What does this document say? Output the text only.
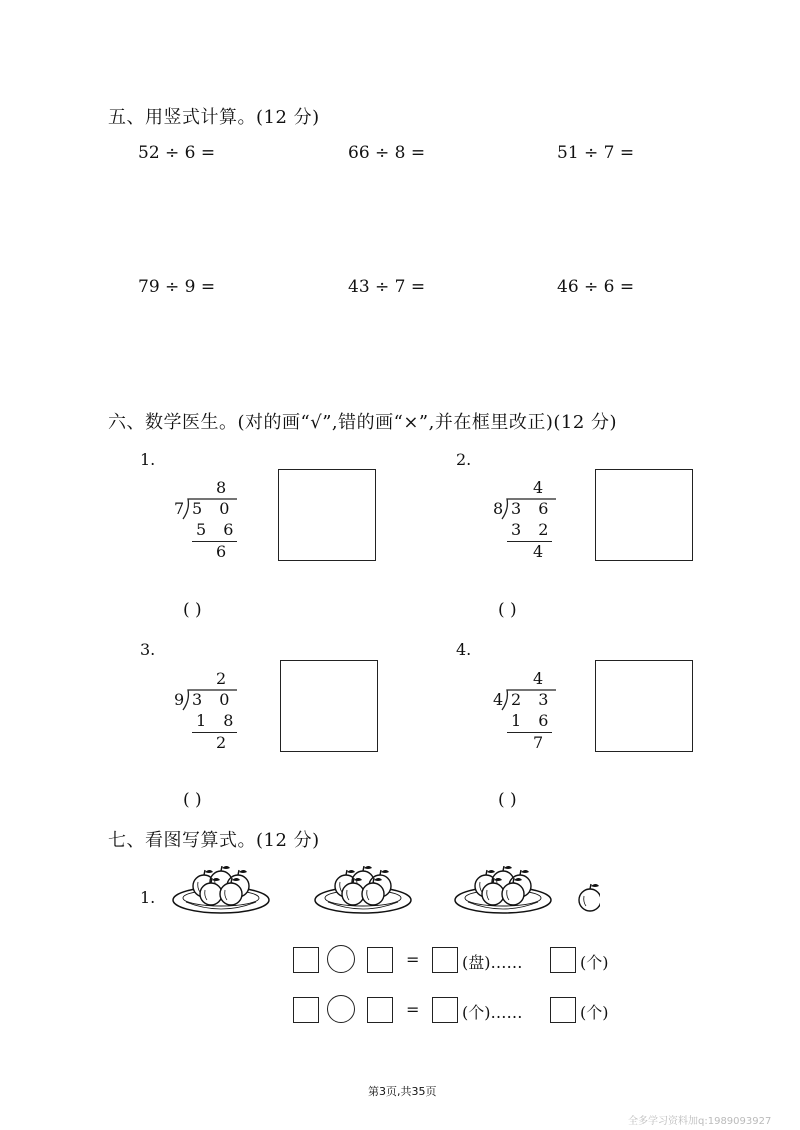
五、用竖式计算。(12 分)
52 ÷ 6 =	66 ÷ 8 =	51 ÷ 7 =
79 ÷ 9 =	43 ÷ 7 =	46 ÷ 6 =
六、数学医生。(对的画“√”,错的画“×”,并在框里改正)(12 分)
1.
8
7 5 0
5 6
6
( )
2.
4
8 3 6
3 2
4
( )
3.
2
9 3 0
1 8
2
( )
4.
4
4 2 3
1 6
7
( )
七、看图写算式。(12 分)
1.
=	(盘)……	(个)
=	(个)……	(个)
第3页,共35页
全多学习资料加q:1989093927
